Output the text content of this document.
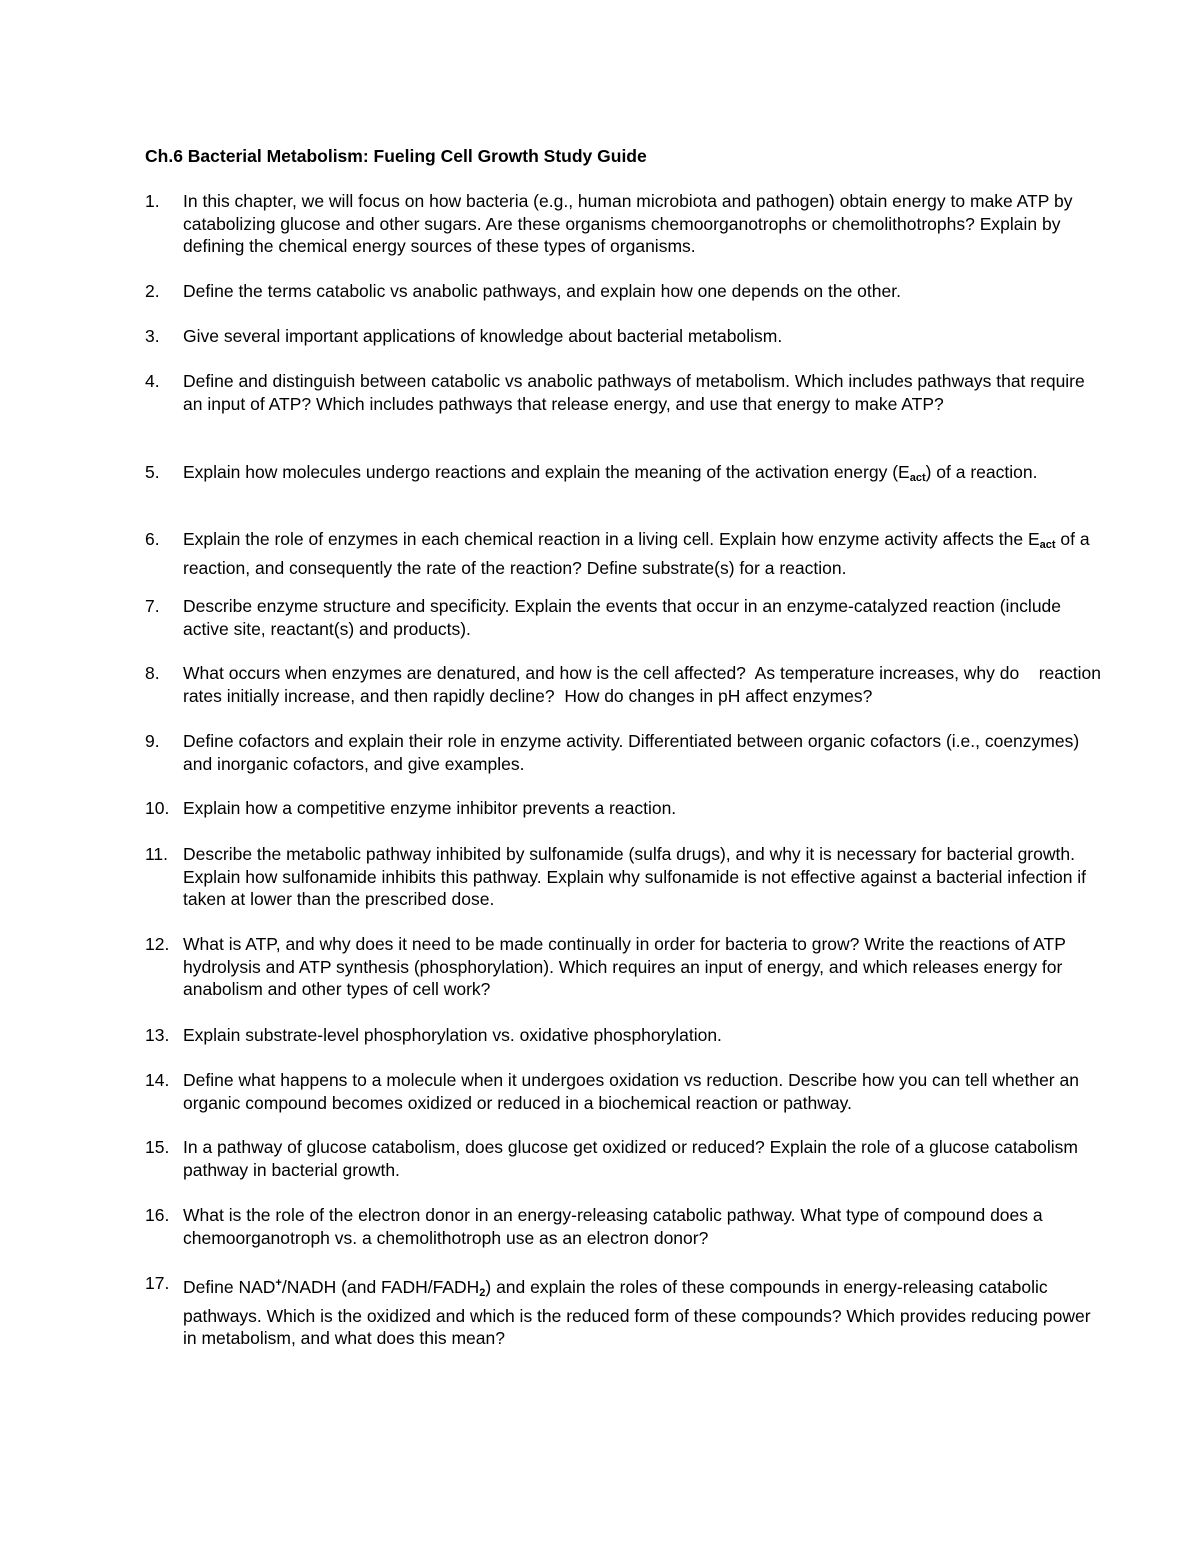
Ch.6 Bacterial Metabolism: Fueling Cell Growth Study Guide
1.	In this chapter, we will focus on how bacteria (e.g., human microbiota and pathogen) obtain energy to make ATP by catabolizing glucose and other sugars. Are these organisms chemoorganotrophs or chemolithotrophs? Explain by defining the chemical energy sources of these types of organisms.
2.	Define the terms catabolic vs anabolic pathways, and explain how one depends on the other.
3.	Give several important applications of knowledge about bacterial metabolism.
4.	Define and distinguish between catabolic vs anabolic pathways of metabolism. Which includes pathways that require an input of ATP? Which includes pathways that release energy, and use that energy to make ATP?
5.	Explain how molecules undergo reactions and explain the meaning of the activation energy $(E_{act})$ of a reaction.
6.	Explain the role of enzymes in each chemical reaction in a living cell. Explain how enzyme activity affects the $E_{act}$ of a reaction, and consequently the rate of the reaction? Define substrate(s) for a reaction.
7.	Describe enzyme structure and specificity. Explain the events that occur in an enzyme-catalyzed reaction (include active site, reactant(s) and products).
8.	What occurs when enzymes are denatured, and how is the cell affected?  As temperature increases, why do    reaction rates initially increase, and then rapidly decline?  How do changes in pH affect enzymes?
9.	Define cofactors and explain their role in enzyme activity. Differentiated between organic cofactors (i.e., coenzymes) and inorganic cofactors, and give examples.
10. Explain how a competitive enzyme inhibitor prevents a reaction.
11. Describe the metabolic pathway inhibited by sulfonamide (sulfa drugs), and why it is necessary for bacterial growth. Explain how sulfonamide inhibits this pathway. Explain why sulfonamide is not effective against a bacterial infection if taken at lower than the prescribed dose.
12. What is ATP, and why does it need to be made continually in order for bacteria to grow? Write the reactions of ATP hydrolysis and ATP synthesis (phosphorylation). Which requires an input of energy, and which releases energy for anabolism and other types of cell work?
13. Explain substrate-level phosphorylation vs. oxidative phosphorylation.
14. Define what happens to a molecule when it undergoes oxidation vs reduction. Describe how you can tell whether an organic compound becomes oxidized or reduced in a biochemical reaction or pathway.
15. In a pathway of glucose catabolism, does glucose get oxidized or reduced? Explain the role of a glucose catabolism pathway in bacterial growth.
16. What is the role of the electron donor in an energy-releasing catabolic pathway. What type of compound does a chemoorganotroph vs. a chemolithotroph use as an electron donor?
17. Define NAD+/NADH (and FADH/$FADH_2$) and explain the roles of these compounds in energy-releasing catabolic pathways. Which is the oxidized and which is the reduced form of these compounds? Which provides reducing power in metabolism, and what does this mean?
